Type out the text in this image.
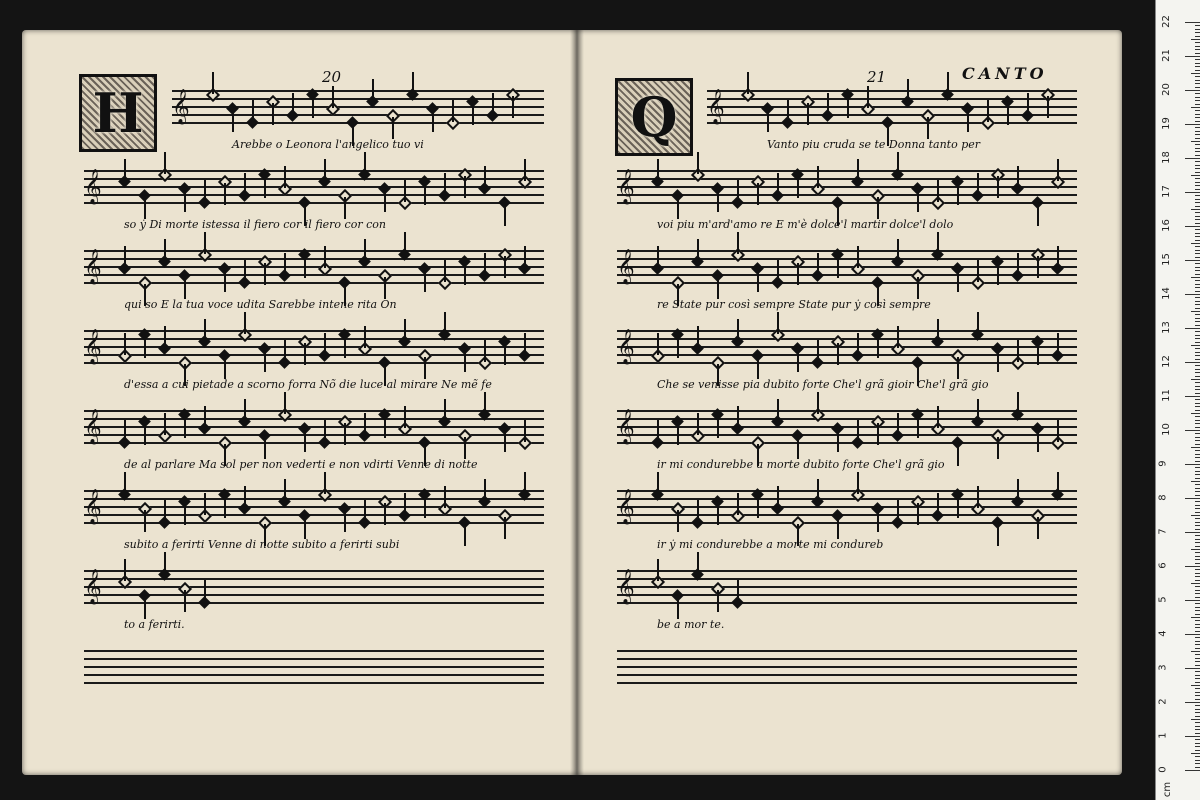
20
H 𝄞
Arebbe o Leonora l'angelico tuo vi
𝄞
so ẏ Di morte istessa il fiero cor il fiero cor con
𝄞
qui so E la tua voce udita Sarebbe intene rita On
𝄞
d'essa a cui pietade a scorno forra Nõ die luce al mirare Ne mẽ fe
𝄞
de al parlare Ma sol per non vederti e non vdirti Venne di notte
𝄞
subito a ferirti Venne di notte subito a ferirti subi
𝄞
to a ferirti.
21	CANTO
Q 𝄞
Vanto piu cruda se te Donna tanto per
𝄞
voi piu m'ard'amo re E m'è dolce'l martir dolce'l dolo
𝄞
re State pur così sempre State pur ẏ così sempre
𝄞
Che se venisse pia dubito forte Che'l grã gioir Che'l grã gio
𝄞
ir mi condurebbe a morte dubito forte Che'l grã gio
𝄞
ir ẏ mi condurebbe a morte mi condureb
𝄞
be a mor te.
0
1
2
3
4
5
6
7
8
9
10
11
12
13
14
15
16
17
18
19
20
21
22
cm
